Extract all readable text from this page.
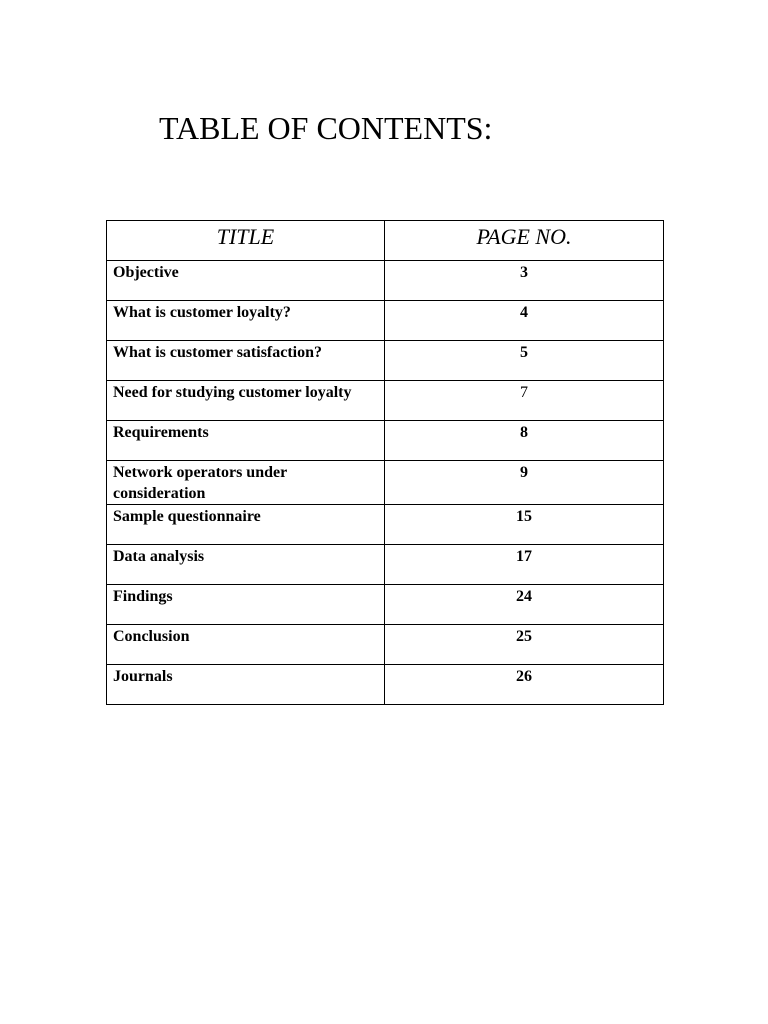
TABLE OF CONTENTS:
TITLE	PAGE NO.
Objective	3
What is customer loyalty?	4
What is customer satisfaction?	5
Need for studying customer loyalty	7
Requirements	8
Network operators under consideration	9
Sample questionnaire	15
Data analysis	17
Findings	24
Conclusion	25
Journals	26
